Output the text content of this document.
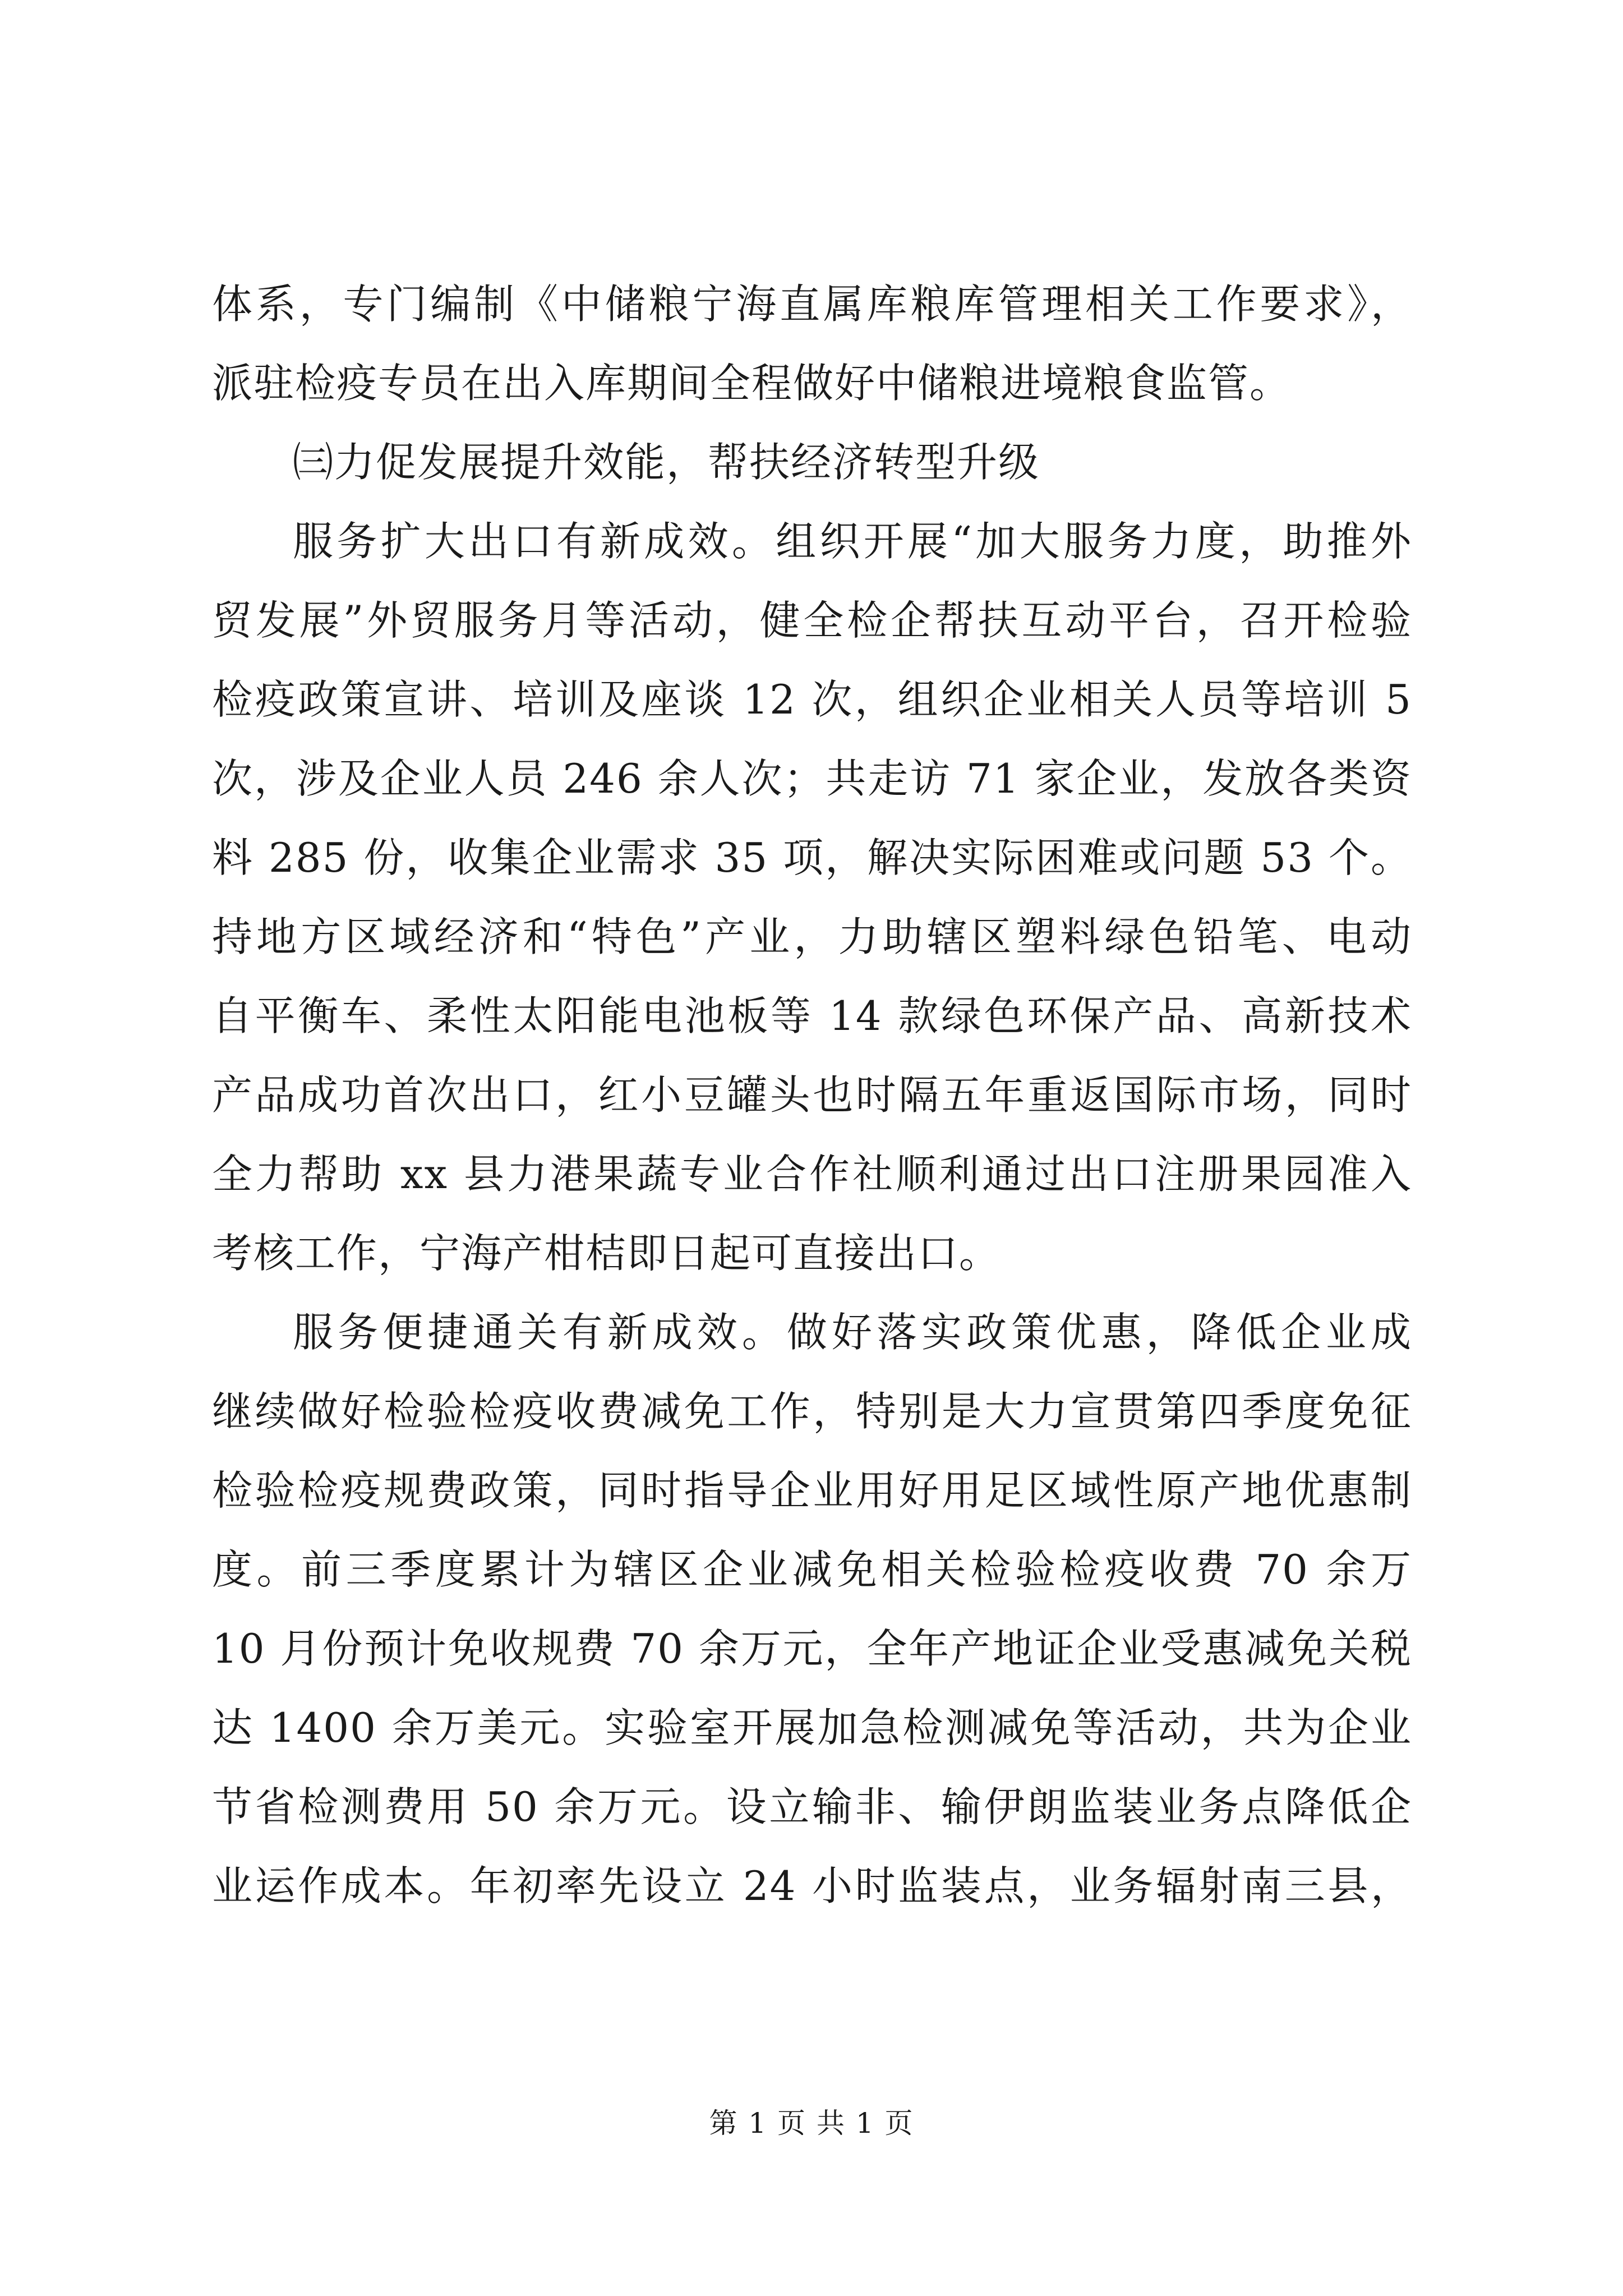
体系，专门编制《中储粮宁海直属库粮库管理相关工作要求》，
派驻检疫专员在出入库期间全程做好中储粮进境粮食监管。
㈢力促发展提升效能，帮扶经济转型升级
服务扩大出口有新成效。组织开展“加大服务力度，助推外
贸发展”外贸服务月等活动，健全检企帮扶互动平台，召开检验
检疫政策宣讲、培训及座谈 12 次，组织企业相关人员等培训 5
次，涉及企业人员 246 余人次；共走访 71 家企业，发放各类资
料 285 份，收集企业需求 35 项，解决实际困难或问题 53 个。
持地方区域经济和“特色”产业，力助辖区塑料绿色铅笔、电动
自平衡车、柔性太阳能电池板等 14 款绿色环保产品、高新技术
产品成功首次出口，红小豆罐头也时隔五年重返国际市场，同时
全力帮助 xx 县力港果蔬专业合作社顺利通过出口注册果园准入
考核工作，宁海产柑桔即日起可直接出口。
服务便捷通关有新成效。做好落实政策优惠，降低企业成
继续做好检验检疫收费减免工作，特别是大力宣贯第四季度免征
检验检疫规费政策，同时指导企业用好用足区域性原产地优惠制
度。前三季度累计为辖区企业减免相关检验检疫收费 70 余万
10 月份预计免收规费 70 余万元，全年产地证企业受惠减免关税
达 1400 余万美元。实验室开展加急检测减免等活动，共为企业
节省检测费用 50 余万元。设立输非、输伊朗监装业务点降低企
业运作成本。年初率先设立 24 小时监装点，业务辐射南三县，
第 1 页 共 1 页
